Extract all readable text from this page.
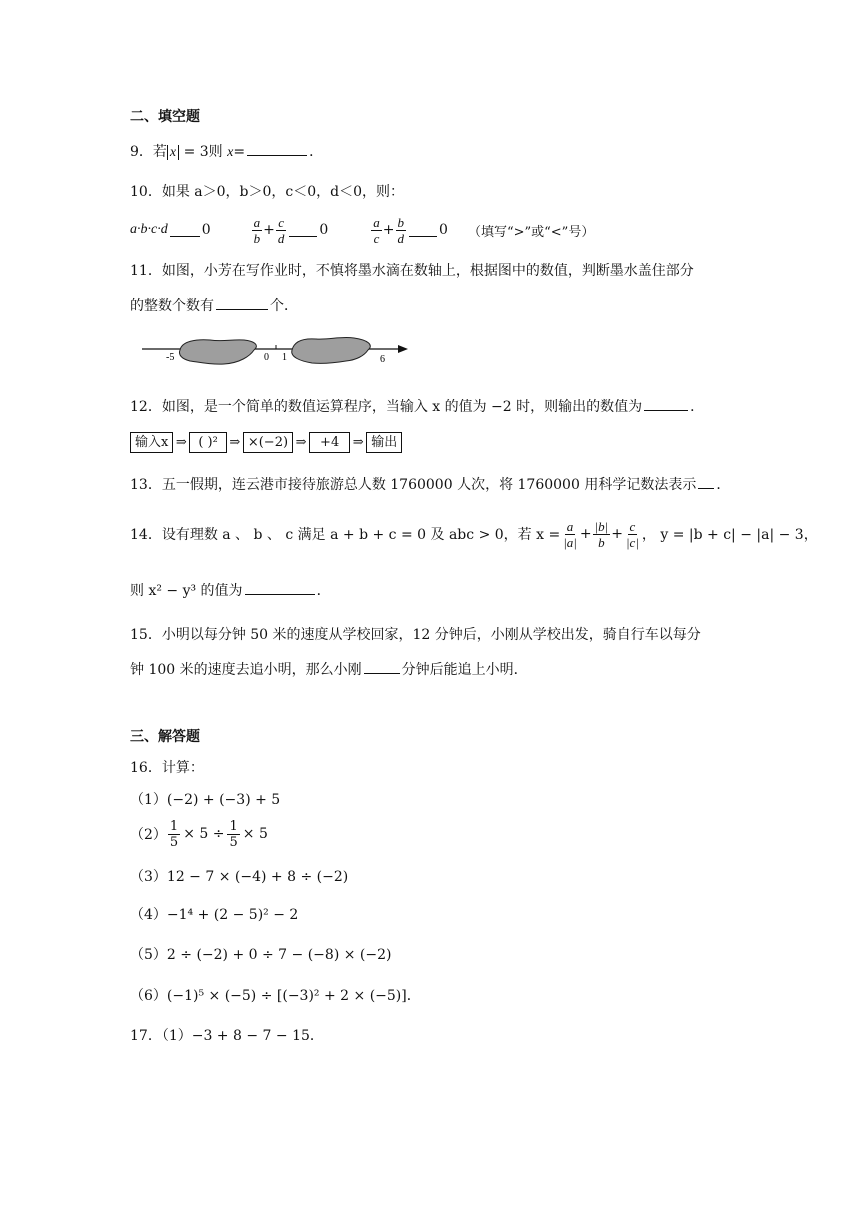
二、填空题
9．若 x = 3则 x=	．
10．如果 a＞0，b＞0，c＜0，d＜0，则：
a·b·c·d 0	$\frac{a}{b} + \frac{c}{d} 0$	$\frac{a}{c} + \frac{b}{d} 0$ （填写“>”或“<”号）
11．如图，小芳在写作业时，不慎将墨水滴在数轴上，根据图中的数值，判断墨水盖住部分
的整数个数有	个．
-5	0 1	6
12．如图，是一个简单的数值运算程序，当输入 x 的值为 −2 时，则输出的数值为	．
输入x ⇒ ( )² ⇒ ×(−2) ⇒	+4	⇒ 输出
13．五一假期，连云港市接待旅游总人数 1760000 人次，将 1760000 用科学记数法表示 ．
14．设有理数 a 、 b 、 c 满足 a + b + c = 0 及 abc > 0，若 $x = \frac{a}{|a|} + \frac{|b|}{b} + \frac{c}{|c|}$ ， y = |b + c| − |a| − 3，
则 x² − y³ 的值为	．
15．小明以每分钟 50 米的速度从学校回家，12 分钟后，小刚从学校出发，骑自行车以每分
钟 100 米的速度去追小明，那么小刚	分钟后能追上小明．
三、解答题
16．计算：
（1）(−2) + (−3) + 5
$(2) \frac{1}{5} \times 5 \div \frac{1}{5} \times 5$
（3）12 − 7 × (−4) + 8 ÷ (−2)
（4）−1⁴ + (2 − 5)² − 2
（5）2 ÷ (−2) + 0 ÷ 7 − (−8) × (−2)
（6）(−1)⁵ × (−5) ÷ [(−3)² + 2 × (−5)]．
17．（1）−3 + 8 − 7 − 15．
